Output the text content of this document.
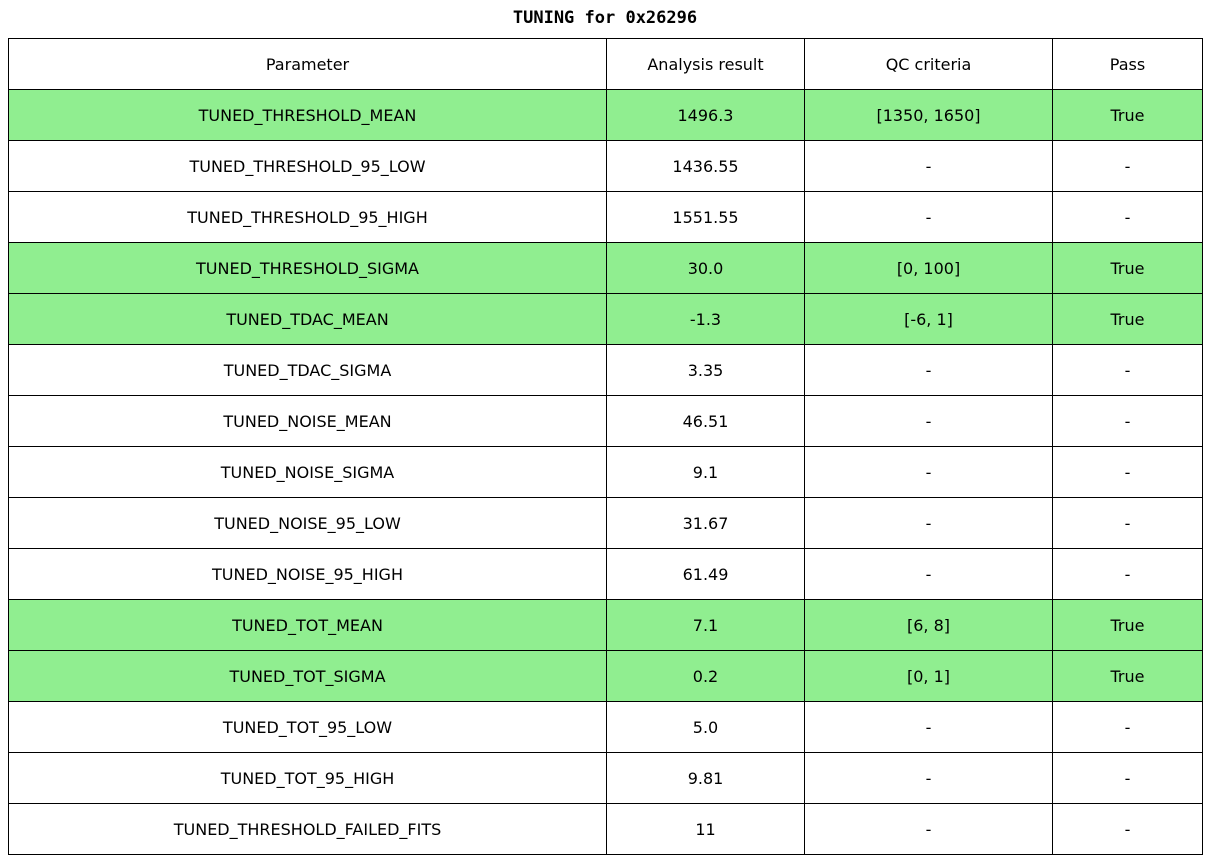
TUNING for 0x26296
Parameter	Analysis result	QC criteria	Pass
TUNED_THRESHOLD_MEAN	1496.3	[1350, 1650]	True
TUNED_THRESHOLD_95_LOW	1436.55	-	-
TUNED_THRESHOLD_95_HIGH	1551.55	-	-
TUNED_THRESHOLD_SIGMA	30.0	[0, 100]	True
TUNED_TDAC_MEAN	-1.3	[-6, 1]	True
TUNED_TDAC_SIGMA	3.35	-	-
TUNED_NOISE_MEAN	46.51	-	-
TUNED_NOISE_SIGMA	9.1	-	-
TUNED_NOISE_95_LOW	31.67	-	-
TUNED_NOISE_95_HIGH	61.49	-	-
TUNED_TOT_MEAN	7.1	[6, 8]	True
TUNED_TOT_SIGMA	0.2	[0, 1]	True
TUNED_TOT_95_LOW	5.0	-	-
TUNED_TOT_95_HIGH	9.81	-	-
TUNED_THRESHOLD_FAILED_FITS	11	-	-
